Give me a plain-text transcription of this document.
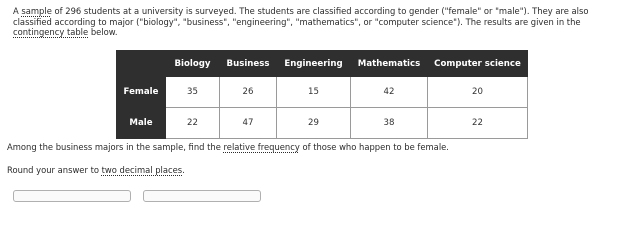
A sample of 296 students at a university is surveyed. The students are classified according to gender ("female" or "male"). They are also classified according to major ("biology", "business", "engineering", "mathematics", or "computer science"). The results are given in the contingency table below.

	Biology	Business	Engineering	Mathematics	Computer science
Female	35	26	15	42	20
Male	22	47	29	38	22

Among the business majors in the sample, find the relative frequency of those who happen to be female.

Round your answer to two decimal places.
